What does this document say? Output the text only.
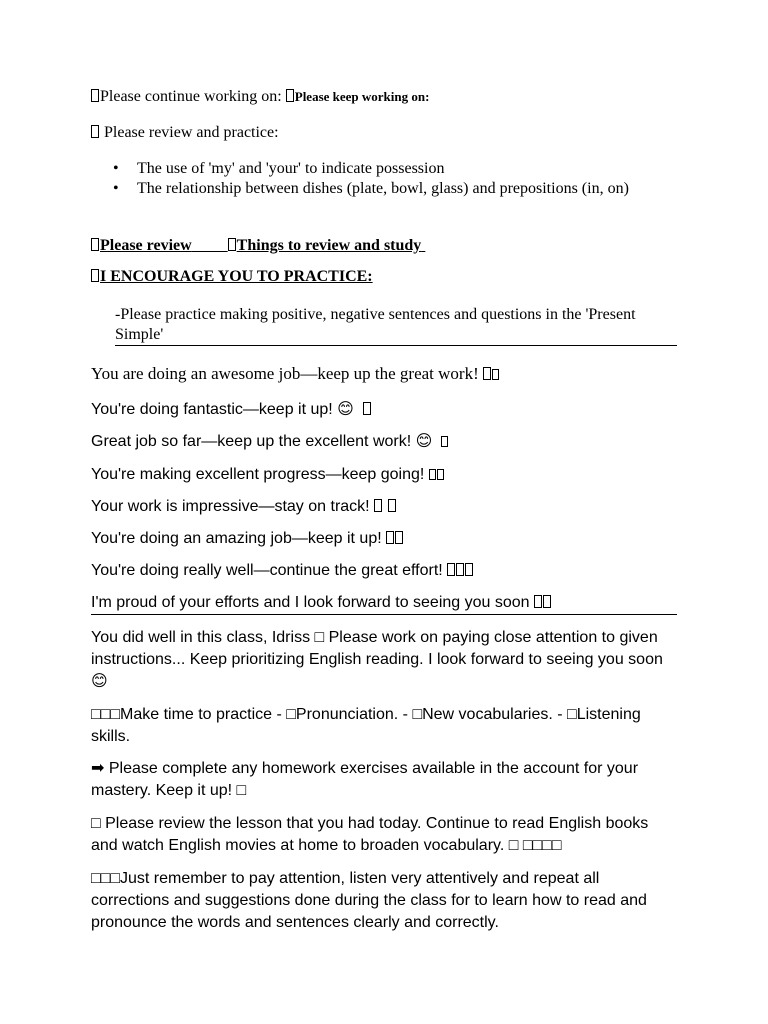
Please continue working on: Please keep working on:
Please review and practice:
• The use of 'my' and 'your' to indicate possession
• The relationship between dishes (plate, bowl, glass) and prepositions (in, on)
Please review	Things to review and study
I ENCOURAGE YOU TO PRACTICE:
-Please practice making positive, negative sentences and questions in the 'Present Simple'
You are doing an awesome job—keep up the great work!
You're doing fantastic—keep it up! 😊
Great job so far—keep up the excellent work! 😊
You're making excellent progress—keep going!
Your work is impressive—stay on track!
You're doing an amazing job—keep it up!
You're doing really well—continue the great effort!
I'm proud of your efforts and I look forward to seeing you soon
You did well in this class, Idriss □ Please work on paying close attention to given instructions... Keep prioritizing English reading. I look forward to seeing you soon 😊
□□□Make time to practice - □Pronunciation. - □New vocabularies. - □Listening skills.
➡ Please complete any homework exercises available in the account for your mastery. Keep it up! □
□ Please review the lesson that you had today. Continue to read English books and watch English movies at home to broaden vocabulary. □ □□□□
□□□Just remember to pay attention, listen very attentively and repeat all corrections and suggestions done during the class for to learn how to read and pronounce the words and sentences clearly and correctly.
